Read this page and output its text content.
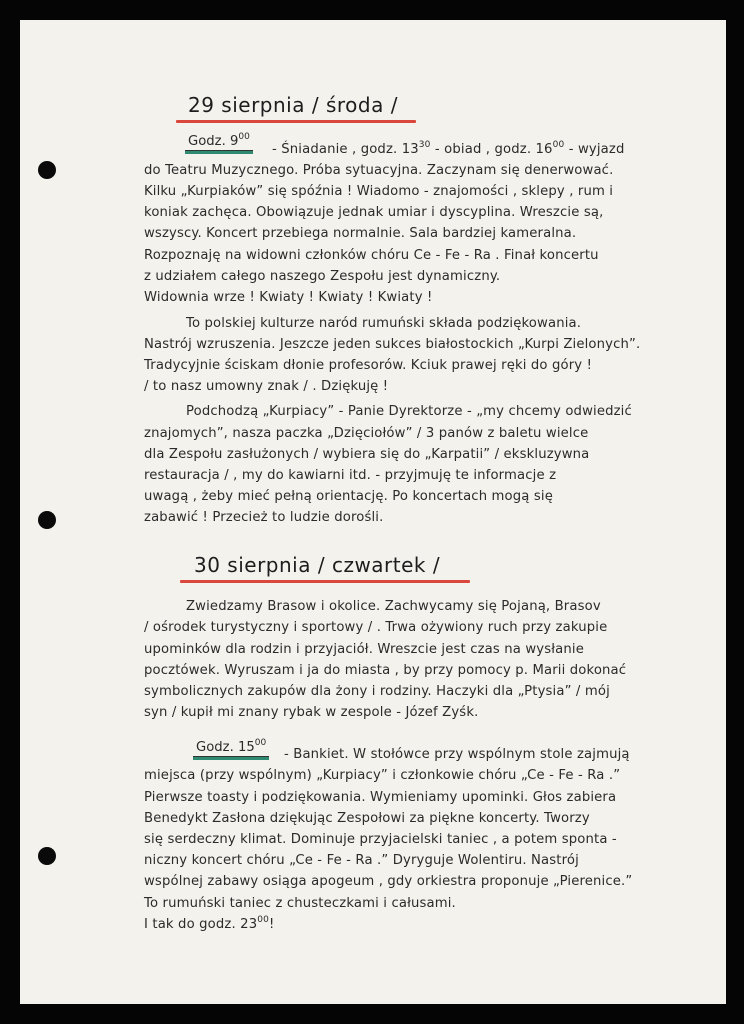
29 sierpnia / środa /
Godz. $9^{00}$
- Śniadanie , godz. $13^{30}$ - obiad , godz. $16^{00}$ - wyjazd
do Teatru Muzycznego. Próba sytuacyjna. Zaczynam się denerwować.
Kilku „Kurpiaków” się spóźnia ! Wiadomo - znajomości , sklepy , rum i
koniak zachęca. Obowiązuje jednak umiar i dyscyplina. Wreszcie są,
wszyscy. Koncert przebiega normalnie. Sala bardziej kameralna.
Rozpoznaję na widowni członków chóru Ce - Fe - Ra . Finał koncertu
z udziałem całego naszego Zespołu jest dynamiczny.
Widownia wrze ! Kwiaty ! Kwiaty ! Kwiaty !
To polskiej kulturze naród rumuński składa podziękowania.
Nastrój wzruszenia. Jeszcze jeden sukces białostockich „Kurpi Zielonych”.
Tradycyjnie ściskam dłonie profesorów. Kciuk prawej ręki do góry !
/ to nasz umowny znak / . Dziękuję !
Podchodzą „Kurpiacy” - Panie Dyrektorze - „my chcemy odwiedzić
znajomych”, nasza paczka „Dzięciołów” / 3 panów z baletu wielce
dla Zespołu zasłużonych / wybiera się do „Karpatii” / ekskluzywna
restauracja / , my do kawiarni itd. - przyjmuję te informacje z
uwagą , żeby mieć pełną orientację. Po koncertach mogą się
zabawić ! Przecież to ludzie dorośli.
30 sierpnia / czwartek /
Zwiedzamy Brasow i okolice. Zachwycamy się Pojaną, Brasov
/ ośrodek turystyczny i sportowy / . Trwa ożywiony ruch przy zakupie
upominków dla rodzin i przyjaciół. Wreszcie jest czas na wysłanie
pocztówek. Wyruszam i ja do miasta , by przy pomocy p. Marii dokonać
symbolicznych zakupów dla żony i rodziny. Haczyki dla „Ptysia” / mój
syn / kupił mi znany rybak w zespole - Józef Zyśk.
Godz. $15^{00}$
- Bankiet. W stołówce przy wspólnym stole zajmują
miejsca (przy wspólnym) „Kurpiacy” i członkowie chóru „Ce - Fe - Ra .”
Pierwsze toasty i podziękowania. Wymieniamy upominki. Głos zabiera
Benedykt Zasłona dziękując Zespołowi za piękne koncerty. Tworzy
się serdeczny klimat. Dominuje przyjacielski taniec , a potem sponta -
niczny koncert chóru „Ce - Fe - Ra .” Dyryguje Wolentiru. Nastrój
wspólnej zabawy osiąga apogeum , gdy orkiestra proponuje „Pierenice.”
To rumuński taniec z chusteczkami i całusami.
I tak do godz. $23^{00}$!
